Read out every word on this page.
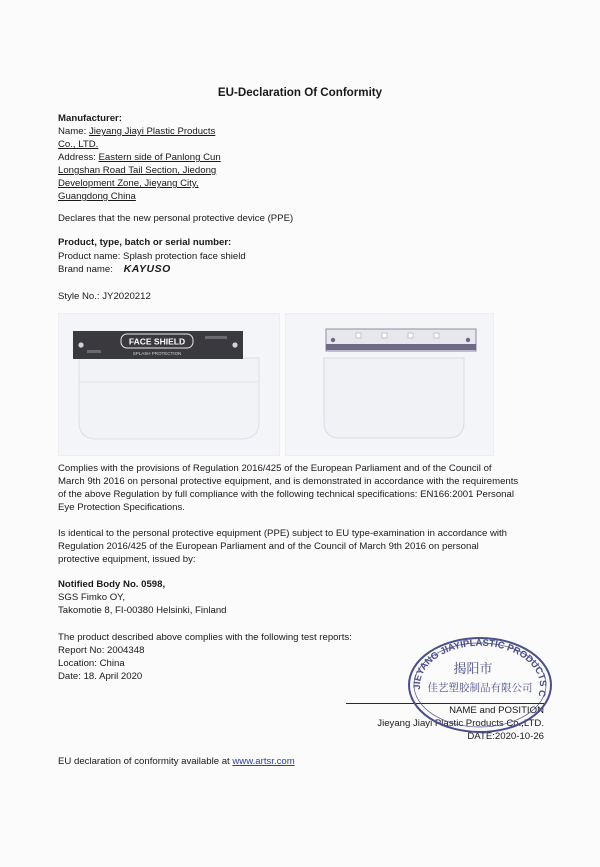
EU-Declaration Of Conformity
Manufacturer:
Name: Jieyang Jiayi Plastic Products
Co., LTD.
Address: Eastern side of Panlong Cun
Longshan Road Tail Section, Jiedong
Development Zone, Jieyang City,
Guangdong China
Declares that the new personal protective device (PPE)
Product, type, batch or serial number:
Product name: Splash protection face shield
Brand name: KAYUSO
Style No.: JY2020212
FACE SHIELD
SPLASH PROTECTION
Complies with the provisions of Regulation 2016/425 of the European Parliament and of the Council of
March 9th 2016 on personal protective equipment, and is demonstrated in accordance with the requirements
of the above Regulation by full compliance with the following technical specifications: EN166:2001 Personal
Eye Protection Specifications.
Is identical to the personal protective equipment (PPE) subject to EU type-examination in accordance with
Regulation 2016/425 of the European Parliament and of the Council of March 9th 2016 on personal
protective equipment, issued by:
Notified Body No. 0598,
SGS Fimko OY,
Takomotie 8, FI-00380 Helsinki, Finland
The product described above complies with the following test reports:
Report No: 2004348
Location: China
Date: 18. April 2020
NAME and POSITION
Jieyang Jiayi Plastic Products Co.,LTD.
DATE:2020-10-26
JIEYANG JIAYIPLASTIC PRODUCTS C
揭阳市
佳艺塑胶制品有限公司
EU declaration of conformity available at www.artsr.com
